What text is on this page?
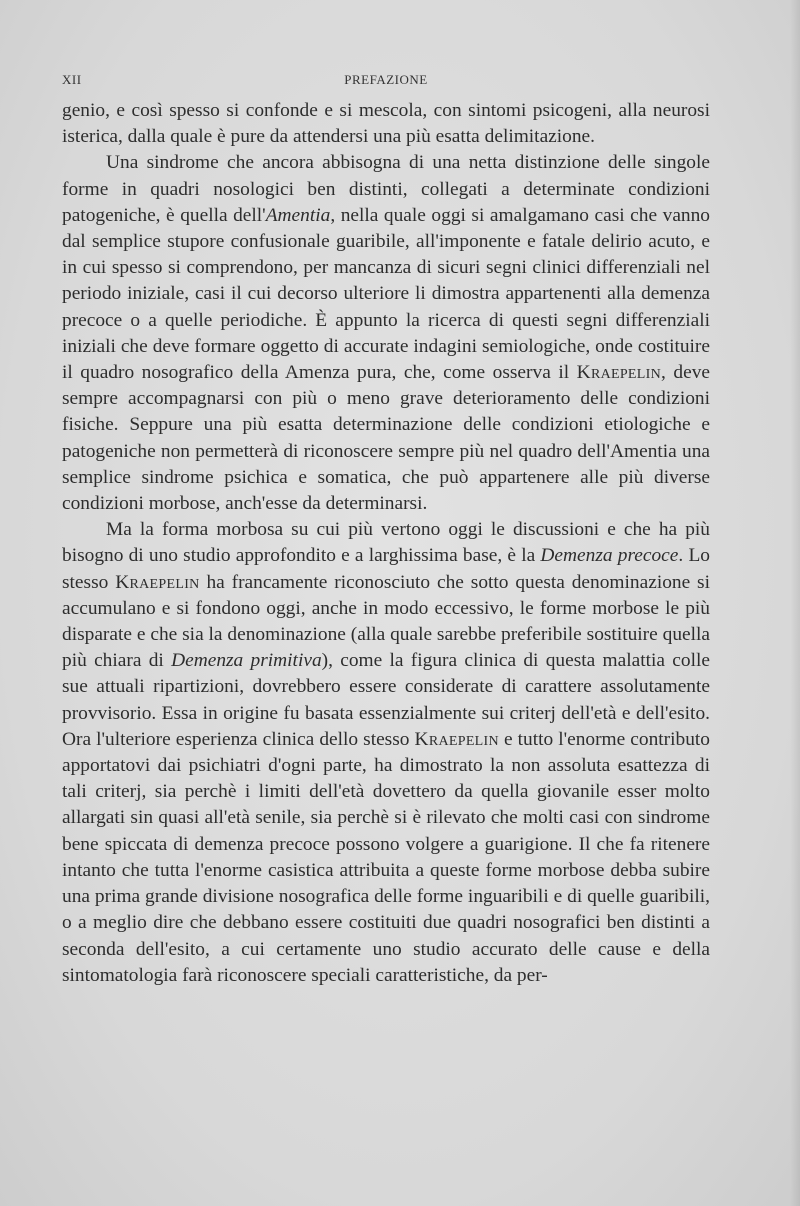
XII	PREFAZIONE

genio, e così spesso si confonde e si mescola, con sintomi psicogeni, alla neurosi isterica, dalla quale è pure da attendersi una più esatta delimitazione.

Una sindrome che ancora abbisogna di una netta distinzione delle singole forme in quadri nosologici ben distinti, collegati a determinate condizioni patogeniche, è quella dell'Amentia, nella quale oggi si amalgamano casi che vanno dal semplice stupore confusionale guaribile, all'imponente e fatale delirio acuto, e in cui spesso si comprendono, per mancanza di sicuri segni clinici differenziali nel periodo iniziale, casi il cui decorso ulteriore li dimostra appartenenti alla demenza precoce o a quelle periodiche. È appunto la ricerca di questi segni differenziali iniziali che deve formare oggetto di accurate indagini semiologiche, onde costituire il quadro nosografico della Amenza pura, che, come osserva il Kraepelin, deve sempre accompagnarsi con più o meno grave deterioramento delle condizioni fisiche. Seppure una più esatta determinazione delle condizioni etiologiche e patogeniche non permetterà di riconoscere sempre più nel quadro dell'Amentia una semplice sindrome psichica e somatica, che può appartenere alle più diverse condizioni morbose, anch'esse da determinarsi.

Ma la forma morbosa su cui più vertono oggi le discussioni e che ha più bisogno di uno studio approfondito e a larghissima base, è la Demenza precoce. Lo stesso Kraepelin ha francamente riconosciuto che sotto questa denominazione si accumulano e si fondono oggi, anche in modo eccessivo, le forme morbose le più disparate e che sia la denominazione (alla quale sarebbe preferibile sostituire quella più chiara di Demenza primitiva), come la figura clinica di questa malattia colle sue attuali ripartizioni, dovrebbero essere considerate di carattere assolutamente provvisorio. Essa in origine fu basata essenzialmente sui criterj dell'età e dell'esito. Ora l'ulteriore esperienza clinica dello stesso Kraepelin e tutto l'enorme contributo apportatovi dai psichiatri d'ogni parte, ha dimostrato la non assoluta esattezza di tali criterj, sia perchè i limiti dell'età dovettero da quella giovanile esser molto allargati sin quasi all'età senile, sia perchè si è rilevato che molti casi con sindrome bene spiccata di demenza precoce possono volgere a guarigione. Il che fa ritenere intanto che tutta l'enorme casistica attribuita a queste forme morbose debba subire una prima grande divisione nosografica delle forme inguaribili e di quelle guaribili, o a meglio dire che debbano essere costituiti due quadri nosografici ben distinti a seconda dell'esito, a cui certamente uno studio accurato delle cause e della sintomatologia farà riconoscere speciali caratteristiche, da per-
